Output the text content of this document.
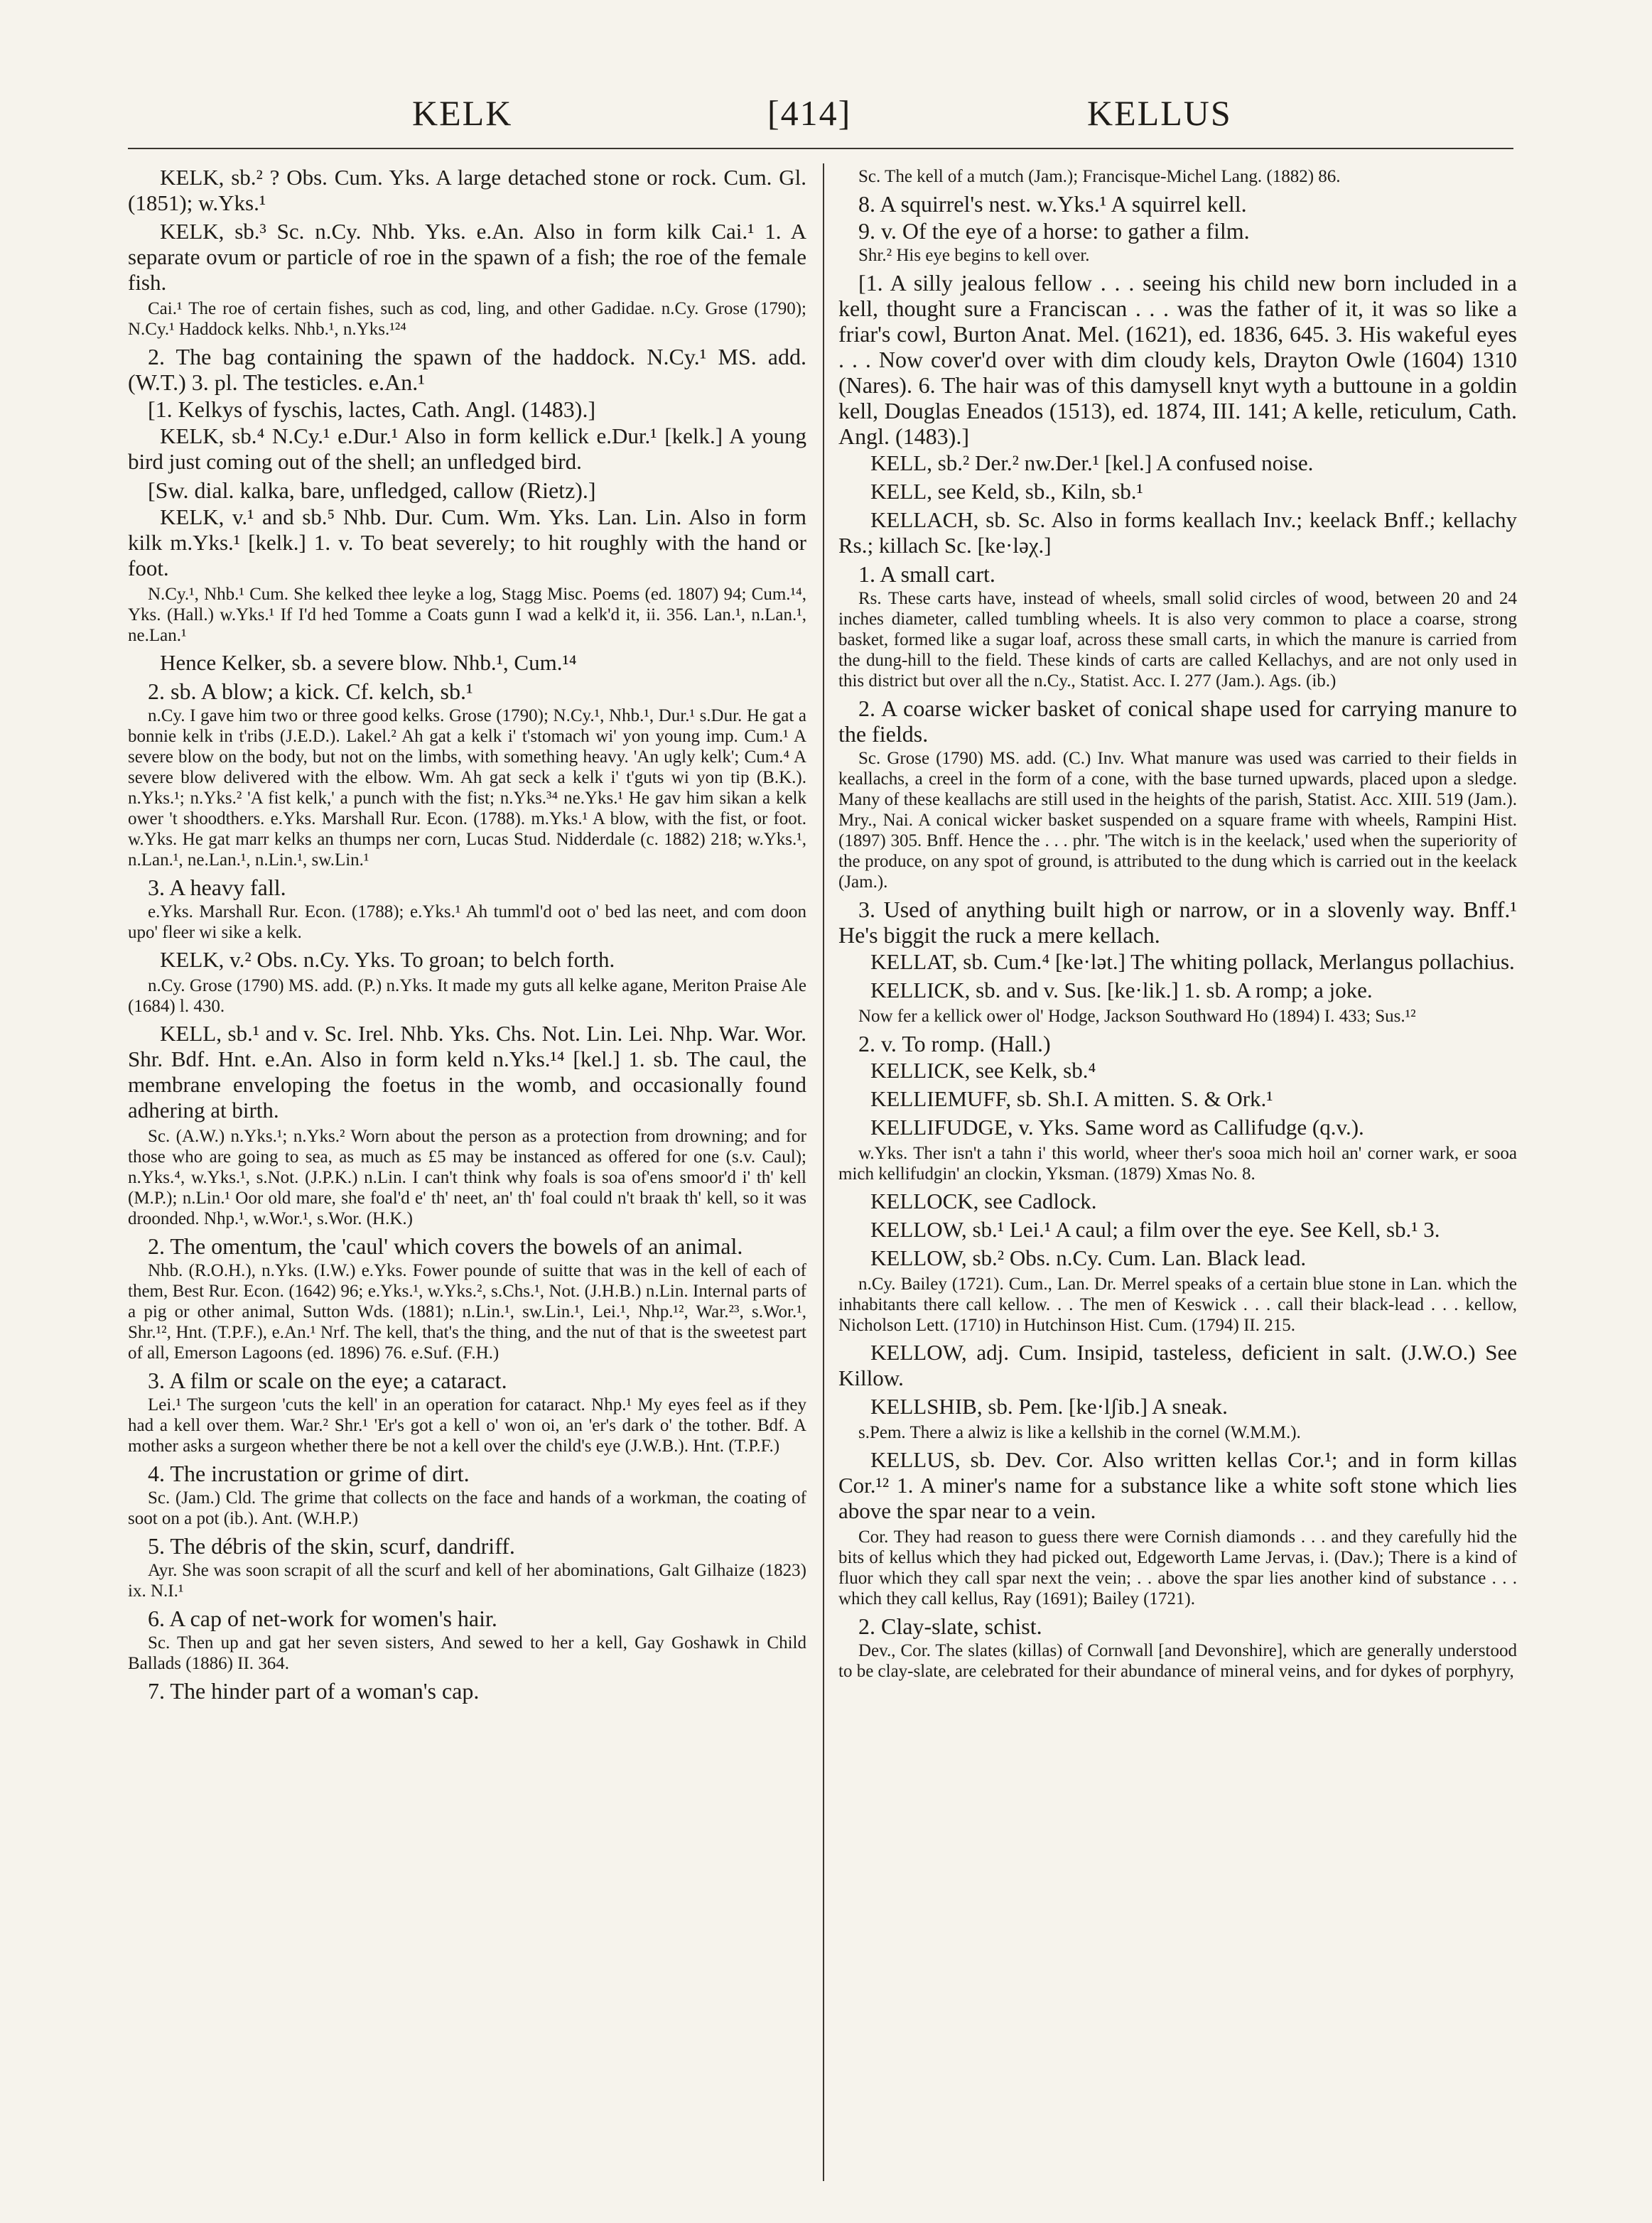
KELK	[414]	KELLUS

KELK, sb.² ? Obs. Cum. Yks. A large detached stone or rock. Cum. Gl. (1851); w.Yks.¹

KELK, sb.³ Sc. n.Cy. Nhb. Yks. e.An. Also in form kilk Cai.¹ 1. A separate ovum or particle of roe in the spawn of a fish; the roe of the female fish.

Cai.¹ The roe of certain fishes, such as cod, ling, and other Gadidae. n.Cy. Grose (1790); N.Cy.¹ Haddock kelks. Nhb.¹, n.Yks.¹²⁴

2. The bag containing the spawn of the haddock. N.Cy.¹ MS. add. (W.T.) 3. pl. The testicles. e.An.¹

[1. Kelkys of fyschis, lactes, Cath. Angl. (1483).]

KELK, sb.⁴ N.Cy.¹ e.Dur.¹ Also in form kellick e.Dur.¹ [kelk.] A young bird just coming out of the shell; an unfledged bird.

[Sw. dial. kalka, bare, unfledged, callow (Rietz).]

KELK, v.¹ and sb.⁵ Nhb. Dur. Cum. Wm. Yks. Lan. Lin. Also in form kilk m.Yks.¹ [kelk.] 1. v. To beat severely; to hit roughly with the hand or foot.

N.Cy.¹, Nhb.¹ Cum. She kelked thee leyke a log, Stagg Misc. Poems (ed. 1807) 94; Cum.¹⁴, Yks. (Hall.) w.Yks.¹ If I'd hed Tomme a Coats gunn I wad a kelk'd it, ii. 356. Lan.¹, n.Lan.¹, ne.Lan.¹

Hence Kelker, sb. a severe blow. Nhb.¹, Cum.¹⁴

2. sb. A blow; a kick. Cf. kelch, sb.¹

n.Cy. I gave him two or three good kelks. Grose (1790); N.Cy.¹, Nhb.¹, Dur.¹ s.Dur. He gat a bonnie kelk in t'ribs (J.E.D.). Lakel.² Ah gat a kelk i' t'stomach wi' yon young imp. Cum.¹ A severe blow on the body, but not on the limbs, with something heavy. 'An ugly kelk'; Cum.⁴ A severe blow delivered with the elbow. Wm. Ah gat seck a kelk i' t'guts wi yon tip (B.K.). n.Yks.¹; n.Yks.² 'A fist kelk,' a punch with the fist; n.Yks.³⁴ ne.Yks.¹ He gav him sikan a kelk ower 't shoodthers. e.Yks. Marshall Rur. Econ. (1788). m.Yks.¹ A blow, with the fist, or foot. w.Yks. He gat marr kelks an thumps ner corn, Lucas Stud. Nidderdale (c. 1882) 218; w.Yks.¹, n.Lan.¹, ne.Lan.¹, n.Lin.¹, sw.Lin.¹

3. A heavy fall.

e.Yks. Marshall Rur. Econ. (1788); e.Yks.¹ Ah tumml'd oot o' bed las neet, and com doon upo' fleer wi sike a kelk.

KELK, v.² Obs. n.Cy. Yks. To groan; to belch forth.

n.Cy. Grose (1790) MS. add. (P.) n.Yks. It made my guts all kelke agane, Meriton Praise Ale (1684) l. 430.

KELL, sb.¹ and v. Sc. Irel. Nhb. Yks. Chs. Not. Lin. Lei. Nhp. War. Wor. Shr. Bdf. Hnt. e.An. Also in form keld n.Yks.¹⁴ [kel.] 1. sb. The caul, the membrane enveloping the foetus in the womb, and occasionally found adhering at birth.

Sc. (A.W.) n.Yks.¹; n.Yks.² Worn about the person as a protection from drowning; and for those who are going to sea, as much as £5 may be instanced as offered for one (s.v. Caul); n.Yks.⁴, w.Yks.¹, s.Not. (J.P.K.) n.Lin. I can't think why foals is soa of'ens smoor'd i' th' kell (M.P.); n.Lin.¹ Oor old mare, she foal'd e' th' neet, an' th' foal could n't braak th' kell, so it was droonded. Nhp.¹, w.Wor.¹, s.Wor. (H.K.)

2. The omentum, the 'caul' which covers the bowels of an animal.

Nhb. (R.O.H.), n.Yks. (I.W.) e.Yks. Fower pounde of suitte that was in the kell of each of them, Best Rur. Econ. (1642) 96; e.Yks.¹, w.Yks.², s.Chs.¹, Not. (J.H.B.) n.Lin. Internal parts of a pig or other animal, Sutton Wds. (1881); n.Lin.¹, sw.Lin.¹, Lei.¹, Nhp.¹², War.²³, s.Wor.¹, Shr.¹², Hnt. (T.P.F.), e.An.¹ Nrf. The kell, that's the thing, and the nut of that is the sweetest part of all, Emerson Lagoons (ed. 1896) 76. e.Suf. (F.H.)

3. A film or scale on the eye; a cataract.

Lei.¹ The surgeon 'cuts the kell' in an operation for cataract. Nhp.¹ My eyes feel as if they had a kell over them. War.² Shr.¹ 'Er's got a kell o' won oi, an 'er's dark o' the tother. Bdf. A mother asks a surgeon whether there be not a kell over the child's eye (J.W.B.). Hnt. (T.P.F.)

4. The incrustation or grime of dirt.

Sc. (Jam.) Cld. The grime that collects on the face and hands of a workman, the coating of soot on a pot (ib.). Ant. (W.H.P.)

5. The débris of the skin, scurf, dandriff.

Ayr. She was soon scrapit of all the scurf and kell of her abominations, Galt Gilhaize (1823) ix. N.I.¹

6. A cap of net-work for women's hair.

Sc. Then up and gat her seven sisters, And sewed to her a kell, Gay Goshawk in Child Ballads (1886) II. 364.

7. The hinder part of a woman's cap.

Sc. The kell of a mutch (Jam.); Francisque-Michel Lang. (1882) 86.

8. A squirrel's nest. w.Yks.¹ A squirrel kell.

9. v. Of the eye of a horse: to gather a film.

Shr.² His eye begins to kell over.

[1. A silly jealous fellow . . . seeing his child new born included in a kell, thought sure a Franciscan . . . was the father of it, it was so like a friar's cowl, Burton Anat. Mel. (1621), ed. 1836, 645. 3. His wakeful eyes . . . Now cover'd over with dim cloudy kels, Drayton Owle (1604) 1310 (Nares). 6. The hair was of this damysell knyt wyth a buttoune in a goldin kell, Douglas Eneados (1513), ed. 1874, III. 141; A kelle, reticulum, Cath. Angl. (1483).]

KELL, sb.² Der.² nw.Der.¹ [kel.] A confused noise.

KELL, see Keld, sb., Kiln, sb.¹

KELLACH, sb. Sc. Also in forms keallach Inv.; keelack Bnff.; kellachy Rs.; killach Sc. [ke·ləχ.]

1. A small cart.

Rs. These carts have, instead of wheels, small solid circles of wood, between 20 and 24 inches diameter, called tumbling wheels. It is also very common to place a coarse, strong basket, formed like a sugar loaf, across these small carts, in which the manure is carried from the dung-hill to the field. These kinds of carts are called Kellachys, and are not only used in this district but over all the n.Cy., Statist. Acc. I. 277 (Jam.). Ags. (ib.)

2. A coarse wicker basket of conical shape used for carrying manure to the fields.

Sc. Grose (1790) MS. add. (C.) Inv. What manure was used was carried to their fields in keallachs, a creel in the form of a cone, with the base turned upwards, placed upon a sledge. Many of these keallachs are still used in the heights of the parish, Statist. Acc. XIII. 519 (Jam.). Mry., Nai. A conical wicker basket suspended on a square frame with wheels, Rampini Hist. (1897) 305. Bnff. Hence the . . . phr. 'The witch is in the keelack,' used when the superiority of the produce, on any spot of ground, is attributed to the dung which is carried out in the keelack (Jam.).

3. Used of anything built high or narrow, or in a slovenly way. Bnff.¹ He's biggit the ruck a mere kellach.

KELLAT, sb. Cum.⁴ [ke·lət.] The whiting pollack, Merlangus pollachius.

KELLICK, sb. and v. Sus. [ke·lik.] 1. sb. A romp; a joke.

Now fer a kellick ower ol' Hodge, Jackson Southward Ho (1894) I. 433; Sus.¹²

2. v. To romp. (Hall.)

KELLICK, see Kelk, sb.⁴

KELLIEMUFF, sb. Sh.I. A mitten. S. & Ork.¹

KELLIFUDGE, v. Yks. Same word as Callifudge (q.v.).

w.Yks. Ther isn't a tahn i' this world, wheer ther's sooa mich hoil an' corner wark, er sooa mich kellifudgin' an clockin, Yksman. (1879) Xmas No. 8.

KELLOCK, see Cadlock.

KELLOW, sb.¹ Lei.¹ A caul; a film over the eye. See Kell, sb.¹ 3.

KELLOW, sb.² Obs. n.Cy. Cum. Lan. Black lead.

n.Cy. Bailey (1721). Cum., Lan. Dr. Merrel speaks of a certain blue stone in Lan. which the inhabitants there call kellow. . . The men of Keswick . . . call their black-lead . . . kellow, Nicholson Lett. (1710) in Hutchinson Hist. Cum. (1794) II. 215.

KELLOW, adj. Cum. Insipid, tasteless, deficient in salt. (J.W.O.) See Killow.

KELLSHIB, sb. Pem. [ke·lʃib.] A sneak.

s.Pem. There a alwiz is like a kellshib in the cornel (W.M.M.).

KELLUS, sb. Dev. Cor. Also written kellas Cor.¹; and in form killas Cor.¹² 1. A miner's name for a substance like a white soft stone which lies above the spar near to a vein.

Cor. They had reason to guess there were Cornish diamonds . . . and they carefully hid the bits of kellus which they had picked out, Edgeworth Lame Jervas, i. (Dav.); There is a kind of fluor which they call spar next the vein; . . above the spar lies another kind of substance . . . which they call kellus, Ray (1691); Bailey (1721).

2. Clay-slate, schist.

Dev., Cor. The slates (killas) of Cornwall [and Devonshire], which are generally understood to be clay-slate, are celebrated for their abundance of mineral veins, and for dykes of porphyry,
